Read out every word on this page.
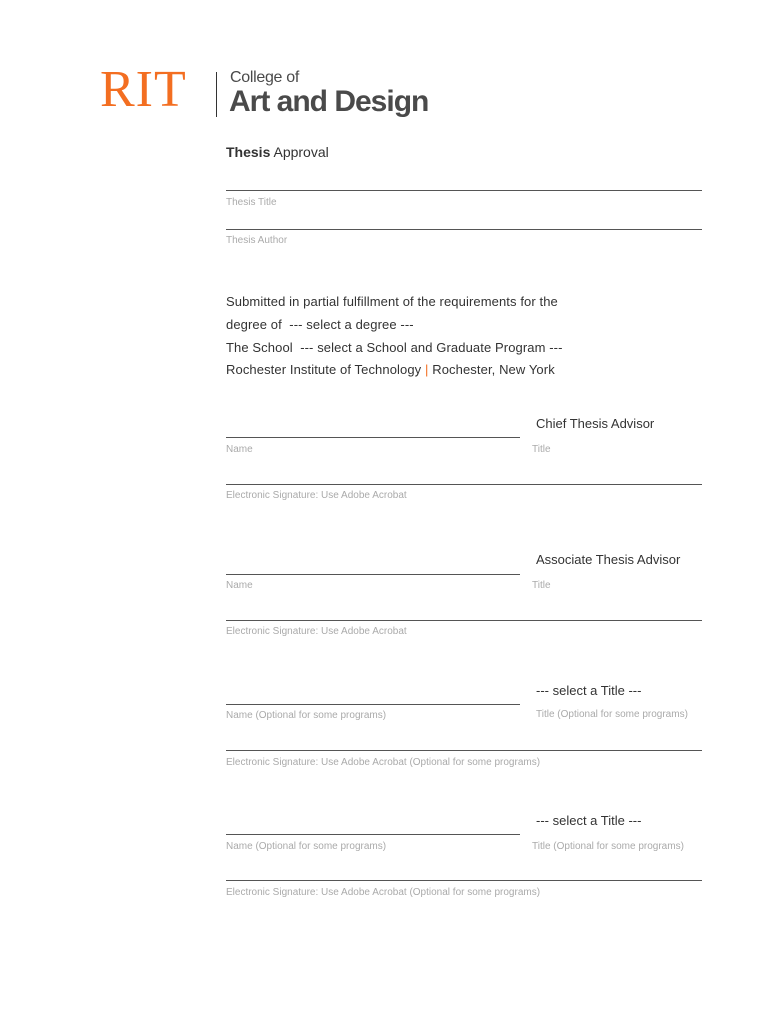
RIT	College of
Art and Design
Thesis Approval
Thesis Title
Thesis Author
Submitted in partial fulfillment of the requirements for the
degree of --- select a degree ---
The School --- select a School and Graduate Program ---
Rochester Institute of Technology | Rochester, New York
Chief Thesis Advisor
Name	Title
Electronic Signature: Use Adobe Acrobat
Associate Thesis Advisor
Name	Title
Electronic Signature: Use Adobe Acrobat
--- select a Title ---
Name (Optional for some programs)	Title (Optional for some programs)
Electronic Signature: Use Adobe Acrobat (Optional for some programs)
--- select a Title ---
Name (Optional for some programs)	Title (Optional for some programs)
Electronic Signature: Use Adobe Acrobat (Optional for some programs)
